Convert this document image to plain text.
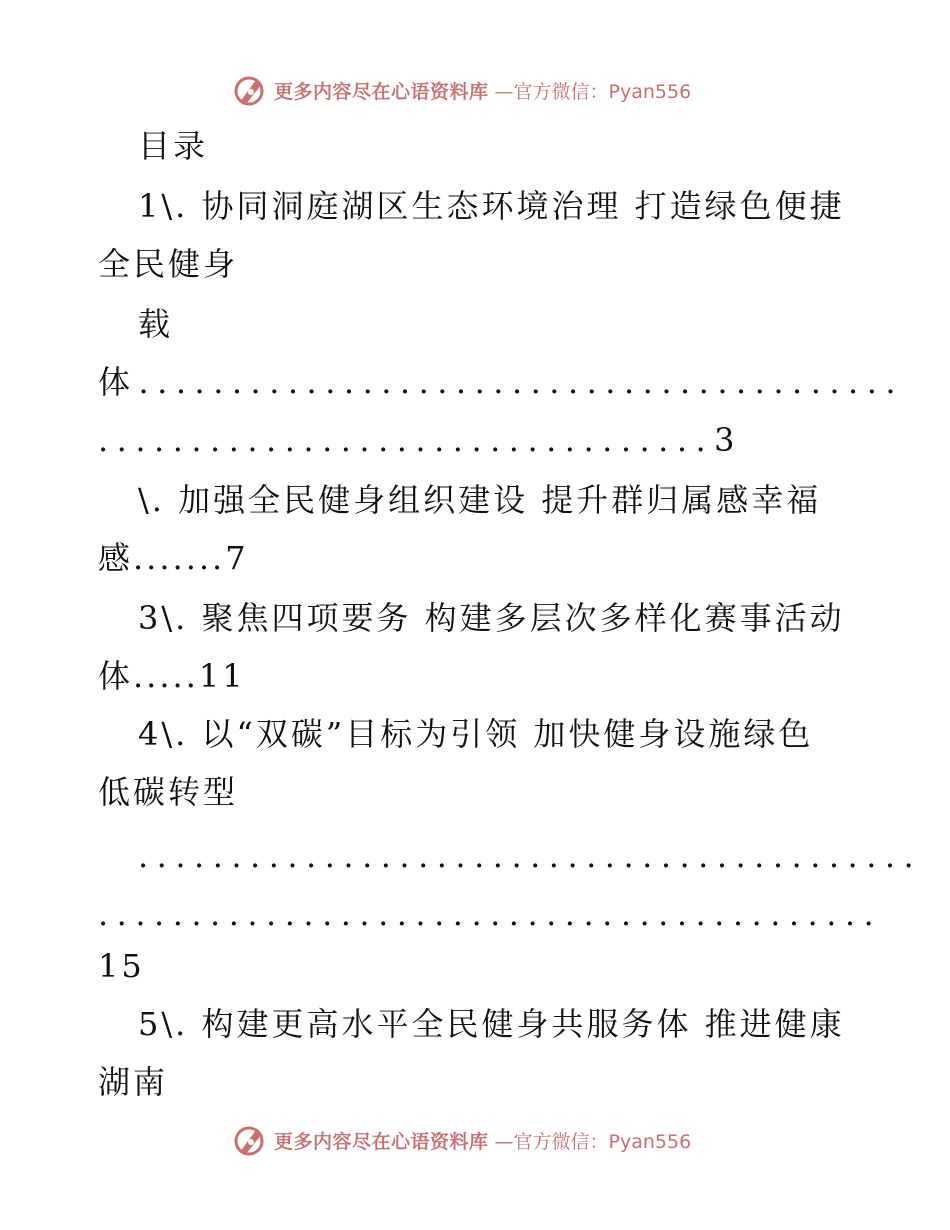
更多内容尽在心语资料库 —官方微信：Pyan556
目录
1\. 协同洞庭湖区生态环境治理 打造绿色便捷
全民健身
载
体.........................................
.................................3
\. 加强全民健身组织建设 提升群归属感幸福
感.......7
3\. 聚焦四项要务 构建多层次多样化赛事活动
体.....11
4\. 以“双碳”目标为引领 加快健身设施绿色
低碳转型
..........................................
..........................................
15
5\. 构建更高水平全民健身共服务体 推进健康
湖南
更多内容尽在心语资料库 —官方微信：Pyan556
